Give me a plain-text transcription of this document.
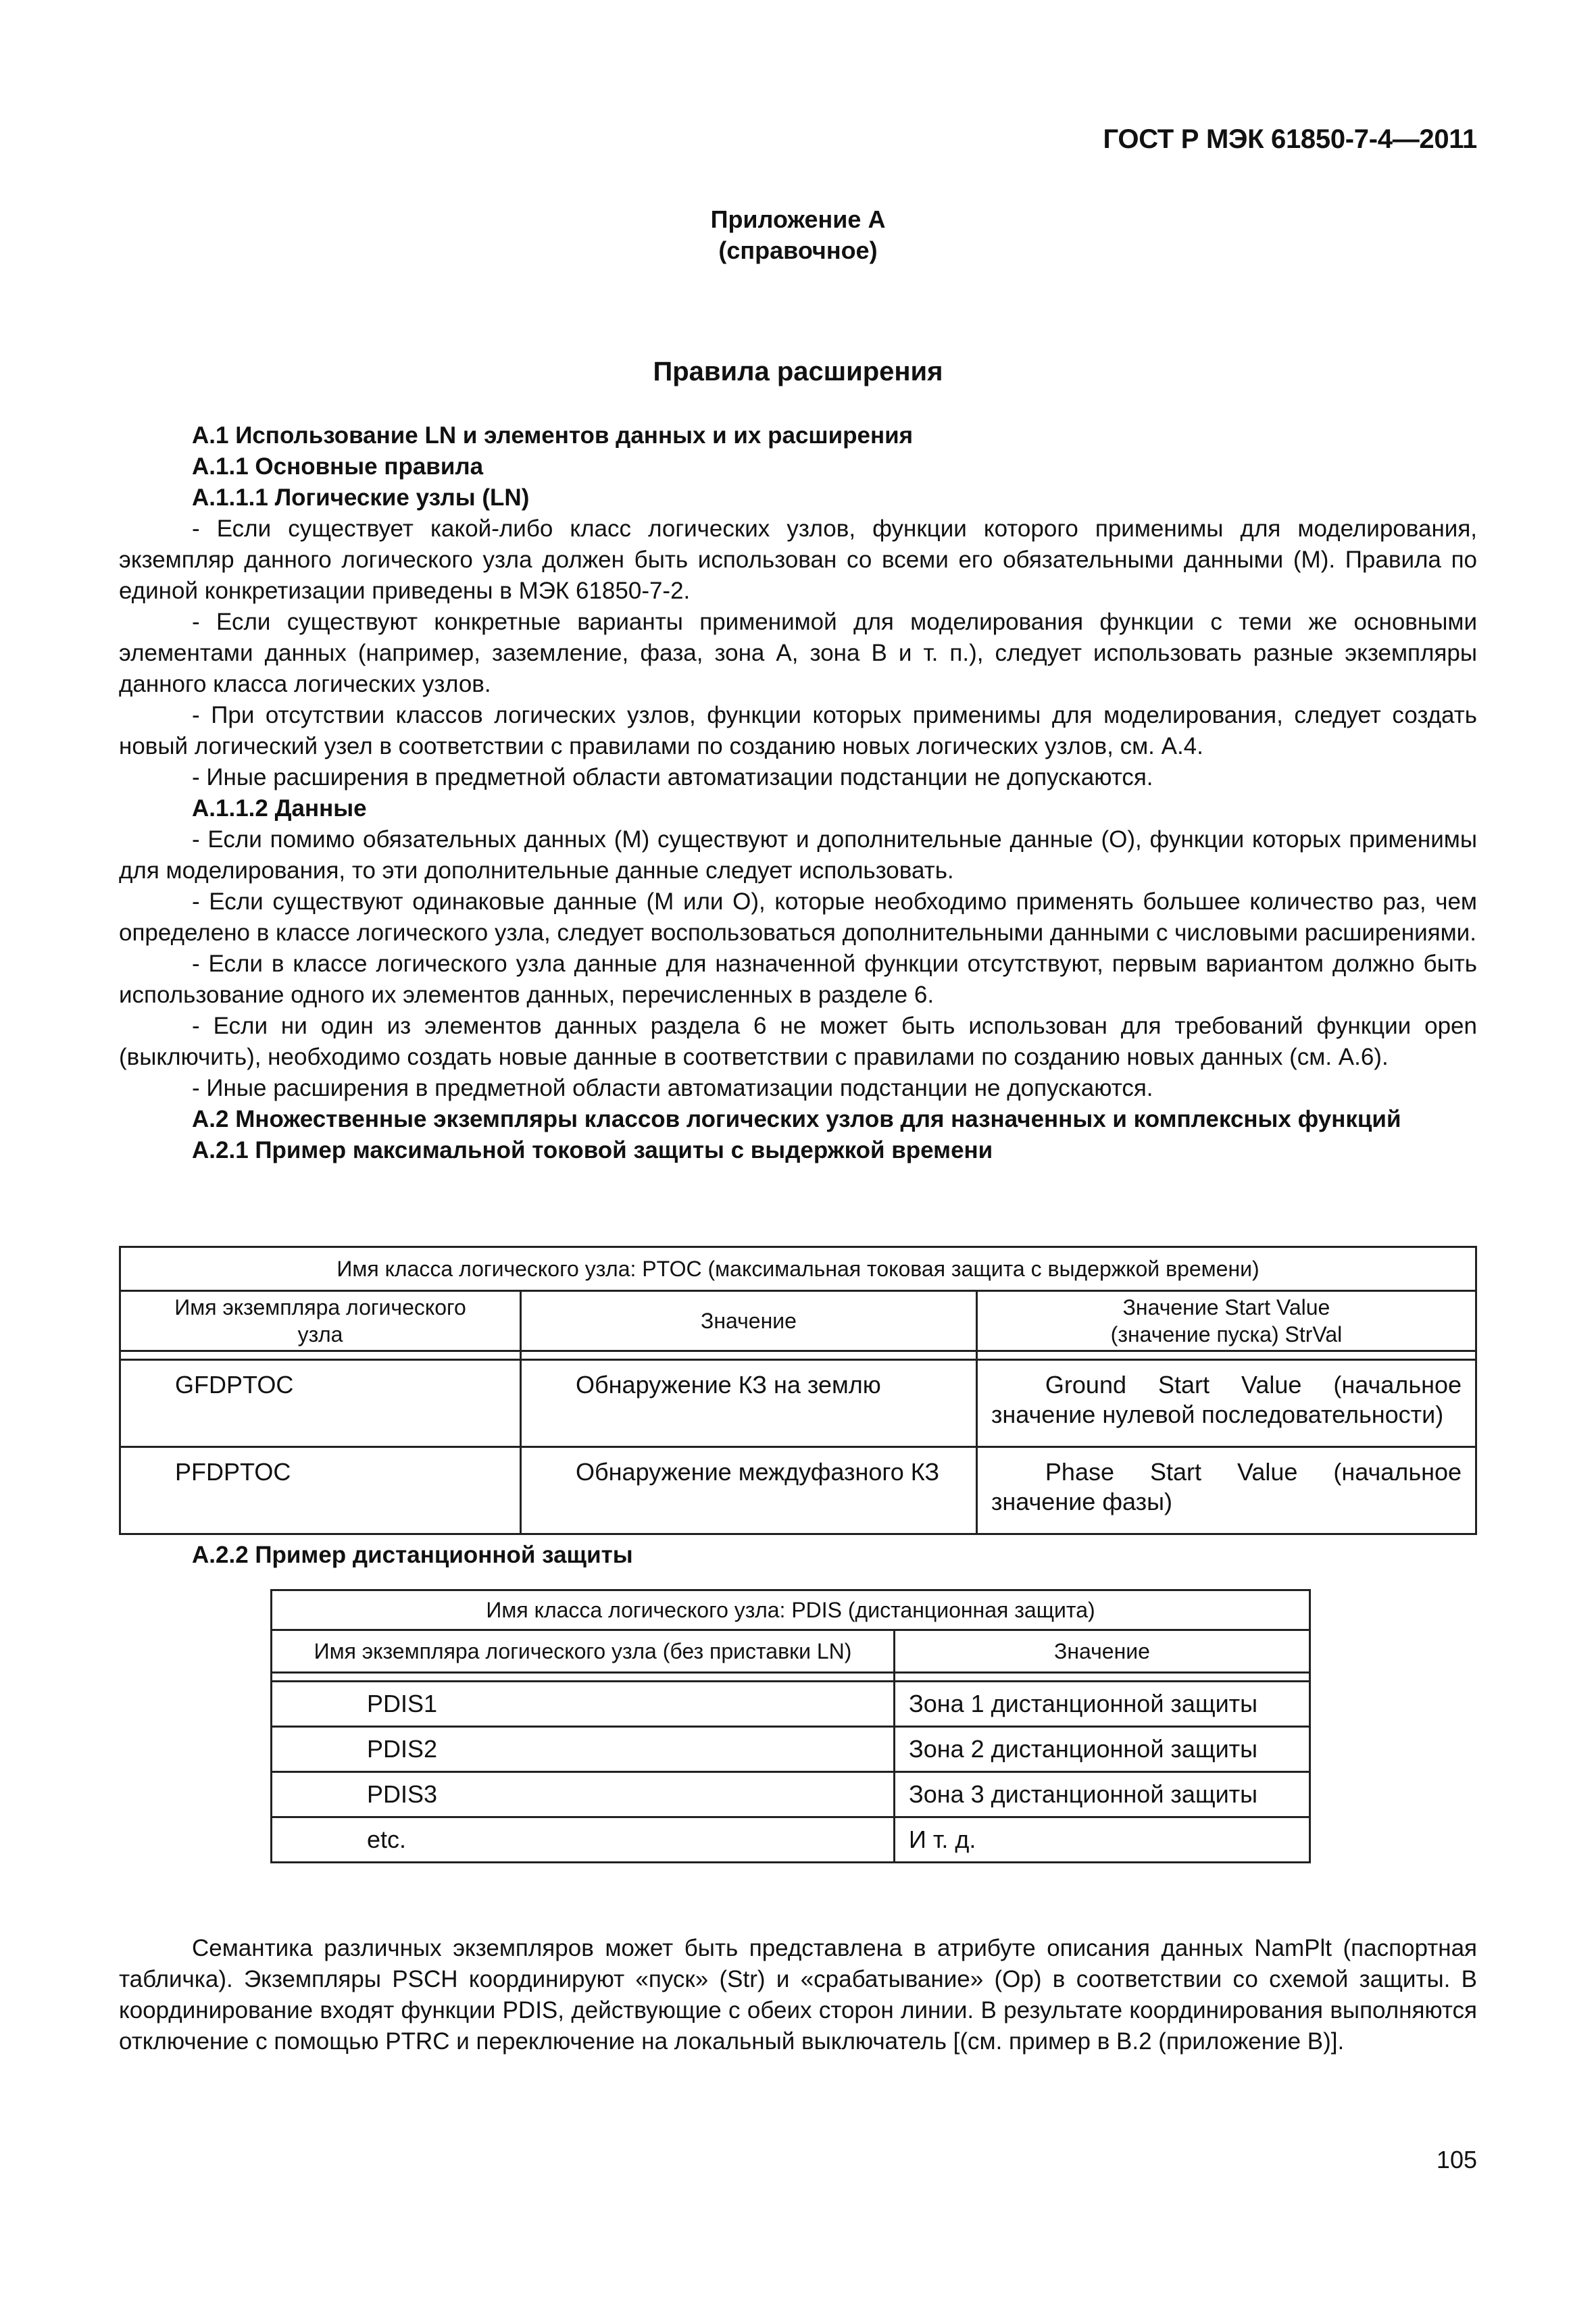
ГОСТ Р МЭК 61850-7-4—2011
Приложение А
(справочное)
Правила расширения

А.1 Использование LN и элементов данных и их расширения

А.1.1 Основные правила

А.1.1.1 Логические узлы (LN)

- Если существует какой-либо класс логических узлов, функции которого применимы для моделирования, экземпляр данного логического узла должен быть использован со всеми его обязательными данными (М). Правила по единой конкретизации приведены в МЭК 61850-7-2.

- Если существуют конкретные варианты применимой для моделирования функции с теми же основными элементами данных (например, заземление, фаза, зона А, зона В и т. п.), следует использовать разные экземпляры данного класса логических узлов.

- При отсутствии классов логических узлов, функции которых применимы для моделирования, следует создать новый логический узел в соответствии с правилами по созданию новых логических узлов, см. А.4.

- Иные расширения в предметной области автоматизации подстанции не допускаются.

А.1.1.2 Данные

- Если помимо обязательных данных (М) существуют и дополнительные данные (О), функции которых применимы для моделирования, то эти дополнительные данные следует использовать.

- Если существуют одинаковые данные (М или О), которые необходимо применять большее количество раз, чем определено в классе логического узла, следует воспользоваться дополнительными данными с числовыми расширениями.

- Если в классе логического узла данные для назначенной функции отсутствуют, первым вариантом должно быть использование одного их элементов данных, перечисленных в разделе 6.

- Если ни один из элементов данных раздела 6 не может быть использован для требований функции open (выключить), необходимо создать новые данные в соответствии с правилами по созданию новых данных (см. А.6).

- Иные расширения в предметной области автоматизации подстанции не допускаются.

А.2 Множественные экземпляры классов логических узлов для назначенных и комплексных функций

А.2.1 Пример максимальной токовой защиты с выдержкой времени

Имя класса логического узла: PTOC (максимальная токовая защита с выдержкой времени)		
Имя экземпляра логического узла	Значение	Значение Start Value (значение пуска) StrVal

GFDPTOC	Обнаружение КЗ на землю	Ground Start Value (начальное значение нулевой последовательности)
PFDPTOC	Обнаружение междуфазного КЗ	Phase Start Value (начальное значение фазы)
А.2.2 Пример дистанционной защиты
Имя класса логического узла: PDIS (дистанционная защита)	
Имя экземпляра логического узла (без приставки LN)	Значение

PDIS1	Зона 1 дистанционной защиты
PDIS2	Зона 2 дистанционной защиты
PDIS3	Зона 3 дистанционной защиты
etc.	И т. д.

Семантика различных экземпляров может быть представлена в атрибуте описания данных NamPlt (паспортная табличка). Экземпляры PSCH координируют «пуск» (Str) и «срабатывание» (Op) в соответствии со схемой защиты. В координирование входят функции PDIS, действующие с обеих сторон линии. В результате координирования выполняются отключение с помощью PTRC и переключение на локальный выключатель [(см. пример в В.2 (приложение В)].

105
